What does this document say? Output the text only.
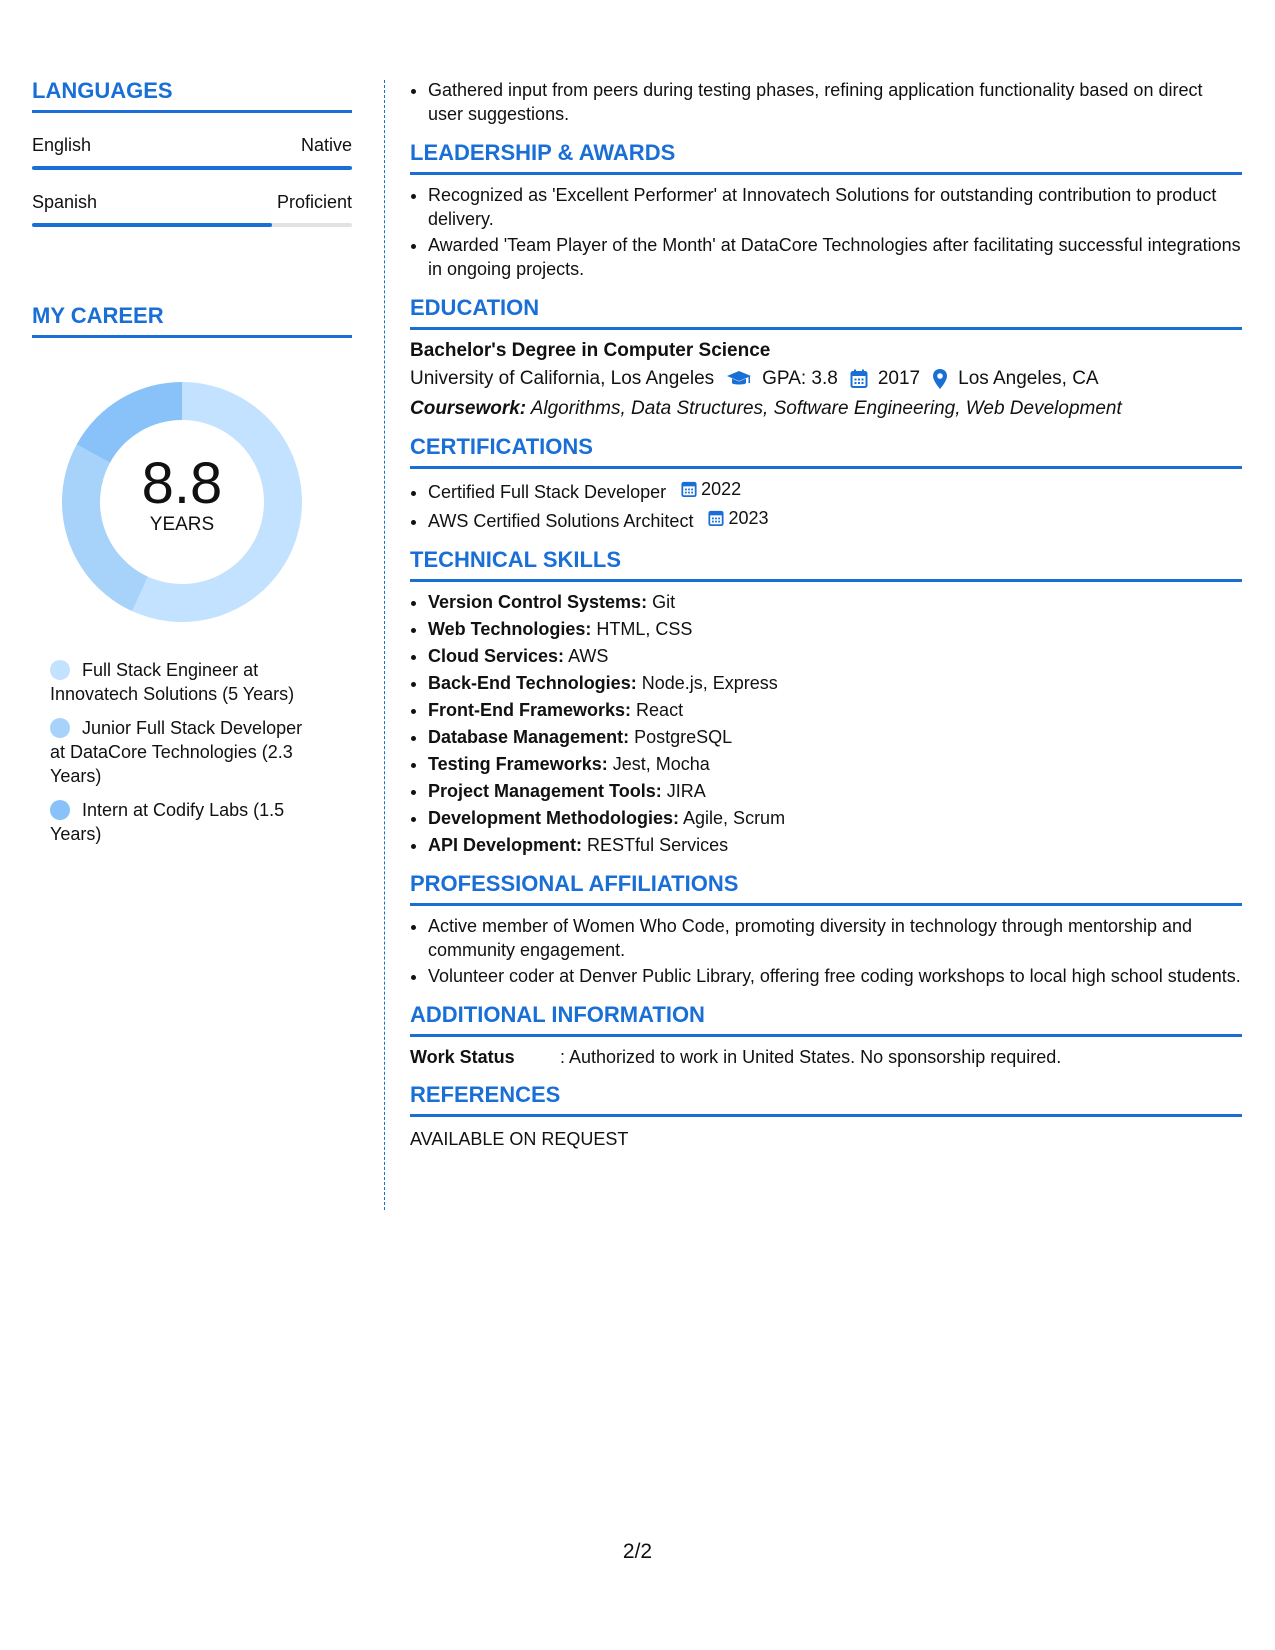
LANGUAGES
English	Native
Spanish	Proficient
MY CAREER
8.8
YEARS
Full Stack Engineer at Innovatech Solutions (5 Years)
Junior Full Stack Developer at DataCore Technologies (2.3 Years)
Intern at Codify Labs (1.5 Years)
• Gathered input from peers during testing phases, refining application functionality based on direct user suggestions.
LEADERSHIP & AWARDS
• Recognized as 'Excellent Performer' at Innovatech Solutions for outstanding contribution to product delivery.
• Awarded 'Team Player of the Month' at DataCore Technologies after facilitating successful integrations in ongoing projects.
EDUCATION
Bachelor's Degree in Computer Science
University of California, Los Angeles	GPA: 3.8 2017 Los Angeles, CA
Coursework: Algorithms, Data Structures, Software Engineering, Web Development
CERTIFICATIONS
• Certified Full Stack Developer 2022
• AWS Certified Solutions Architect 2023
TECHNICAL SKILLS
• Version Control Systems: Git
• Web Technologies: HTML, CSS
• Cloud Services: AWS
• Back-End Technologies: Node.js, Express
• Front-End Frameworks: React
• Database Management: PostgreSQL
• Testing Frameworks: Jest, Mocha
• Project Management Tools: JIRA
• Development Methodologies: Agile, Scrum
• API Development: RESTful Services
PROFESSIONAL AFFILIATIONS
• Active member of Women Who Code, promoting diversity in technology through mentorship and community engagement.
• Volunteer coder at Denver Public Library, offering free coding workshops to local high school students.
ADDITIONAL INFORMATION
Work Status	: Authorized to work in United States. No sponsorship required.
REFERENCES
AVAILABLE ON REQUEST
2/2
